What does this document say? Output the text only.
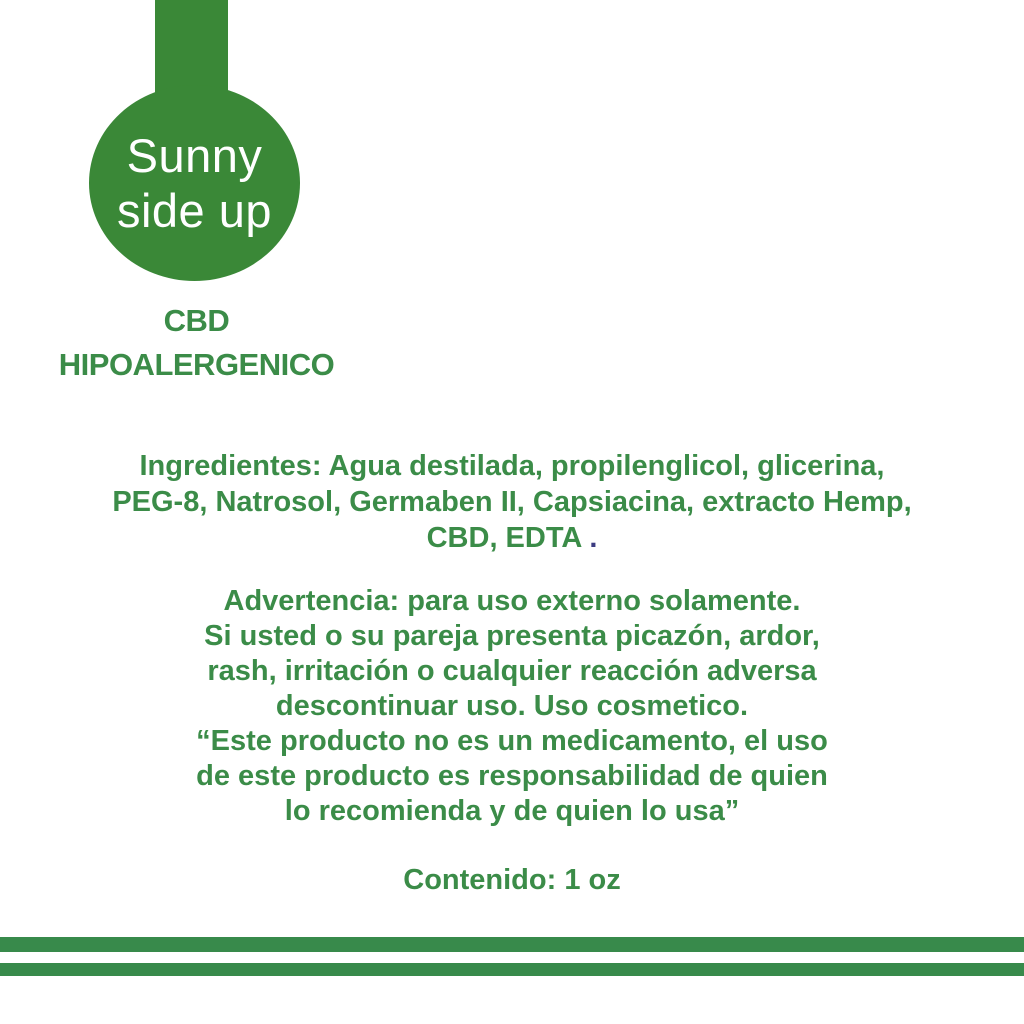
Sunny
side up
CBD
HIPOALERGENICO
Ingredientes: Agua destilada, propilenglicol, glicerina,
PEG-8, Natrosol, Germaben II, Capsiacina, extracto Hemp,
CBD, EDTA .
Advertencia: para uso externo solamente.
Si usted o su pareja presenta picazón, ardor,
rash, irritación o cualquier reacción adversa
descontinuar uso. Uso cosmetico.
“Este producto no es un medicamento, el uso
de este producto es responsabilidad de quien
lo recomienda y de quien lo usa”
Contenido: 1 oz
